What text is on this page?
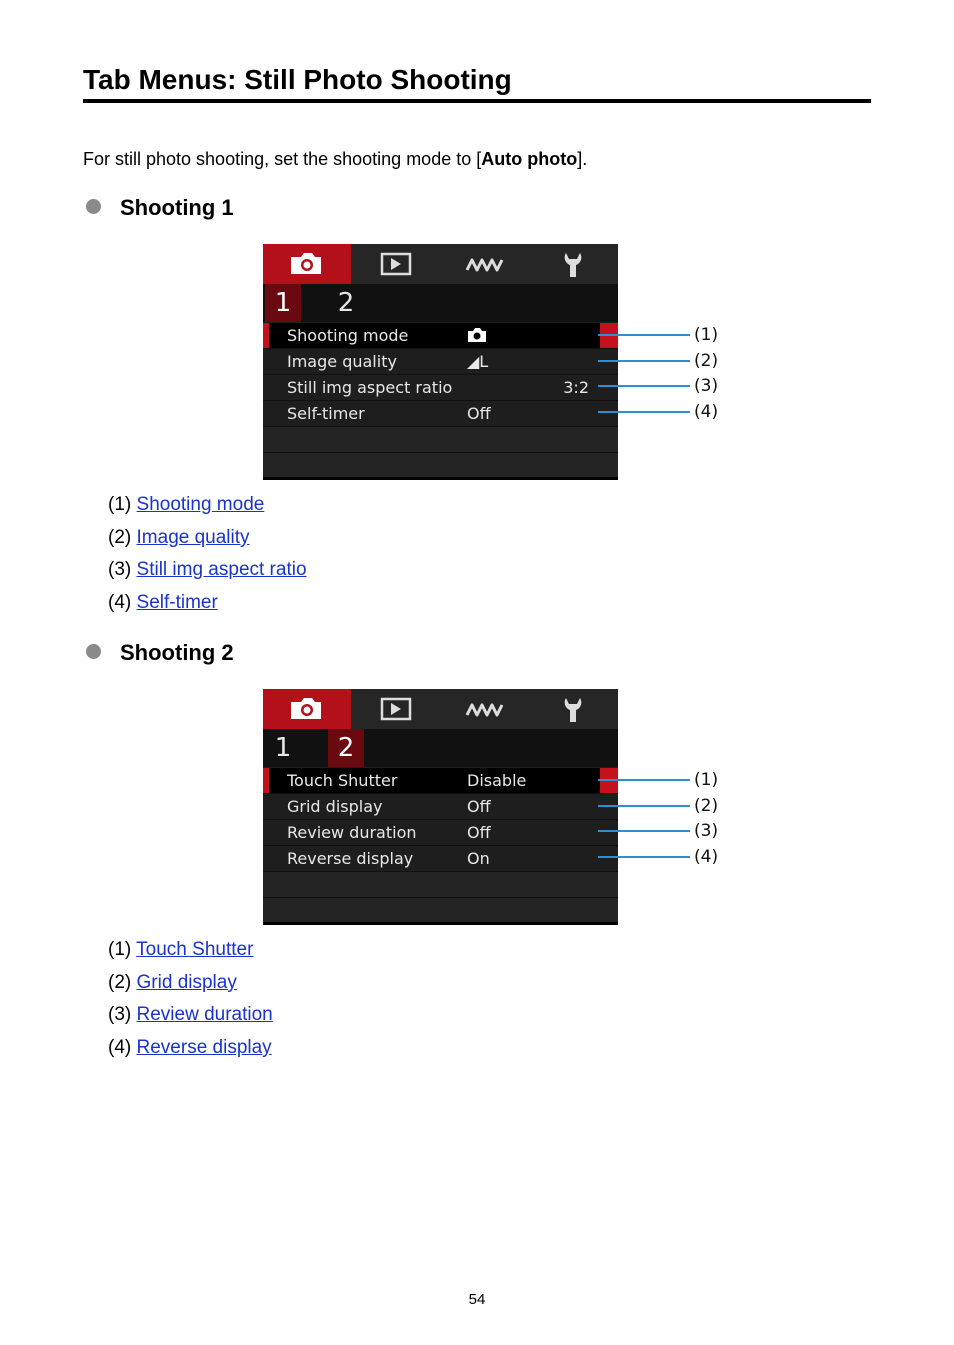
Tab Menus: Still Photo Shooting
For still photo shooting, set the shooting mode to [Auto photo].
Shooting 1
1	2
Shooting mode
Image quality	◢L
Still img aspect ratio	3:2
Self-timer	Off
(1)
(2)
(3)
(4)
(1) Shooting mode
(2) Image quality
(3) Still img aspect ratio
(4) Self-timer
Shooting 2
1	2
Touch Shutter	Disable
Grid display	Off
Review duration	Off
Reverse display	On
(1)
(2)
(3)
(4)
(1) Touch Shutter
(2) Grid display
(3) Review duration
(4) Reverse display
54
